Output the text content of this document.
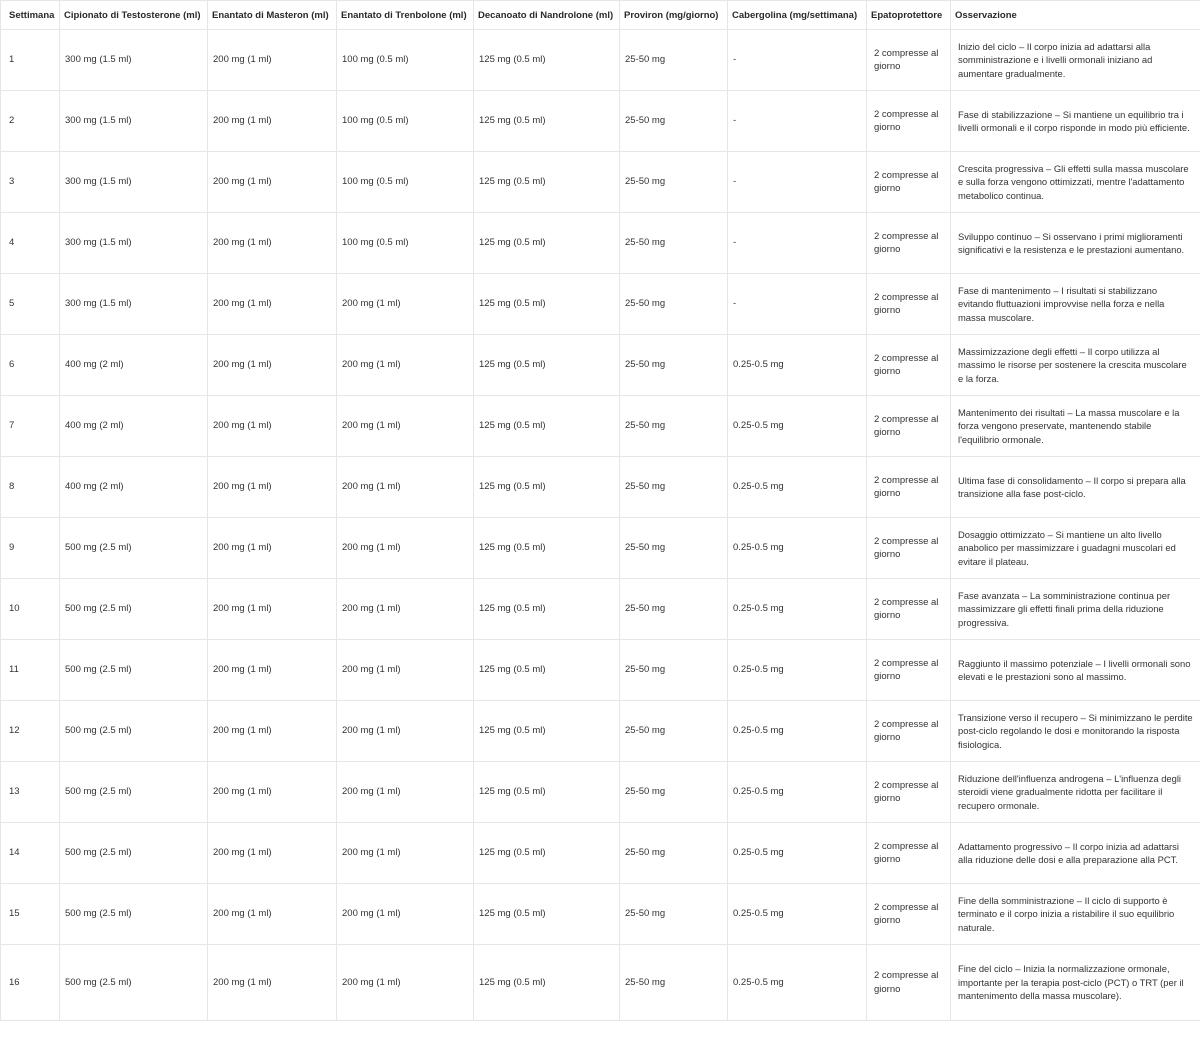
Settimana	Cipionato di Testosterone (ml)	Enantato di Masteron (ml)	Enantato di Trenbolone (ml)	Decanoato di Nandrolone (ml)	Proviron (mg/giorno)	Cabergolina (mg/settimana)	Epatoprotettore	Osservazione
1	300 mg (1.5 ml)	200 mg (1 ml)	100 mg (0.5 ml)	125 mg (0.5 ml)	25-50 mg	-	2 compresse al giorno	Inizio del ciclo – Il corpo inizia ad adattarsi alla somministrazione e i livelli ormonali iniziano ad aumentare gradualmente.
2	300 mg (1.5 ml)	200 mg (1 ml)	100 mg (0.5 ml)	125 mg (0.5 ml)	25-50 mg	-	2 compresse al giorno	Fase di stabilizzazione – Si mantiene un equilibrio tra i livelli ormonali e il corpo risponde in modo più efficiente.
3	300 mg (1.5 ml)	200 mg (1 ml)	100 mg (0.5 ml)	125 mg (0.5 ml)	25-50 mg	-	2 compresse al giorno	Crescita progressiva – Gli effetti sulla massa muscolare e sulla forza vengono ottimizzati, mentre l'adattamento metabolico continua.
4	300 mg (1.5 ml)	200 mg (1 ml)	100 mg (0.5 ml)	125 mg (0.5 ml)	25-50 mg	-	2 compresse al giorno	Sviluppo continuo – Si osservano i primi miglioramenti significativi e la resistenza e le prestazioni aumentano.
5	300 mg (1.5 ml)	200 mg (1 ml)	200 mg (1 ml)	125 mg (0.5 ml)	25-50 mg	-	2 compresse al giorno	Fase di mantenimento – I risultati si stabilizzano evitando fluttuazioni improvvise nella forza e nella massa muscolare.
6	400 mg (2 ml)	200 mg (1 ml)	200 mg (1 ml)	125 mg (0.5 ml)	25-50 mg	0.25-0.5 mg	2 compresse al giorno	Massimizzazione degli effetti – Il corpo utilizza al massimo le risorse per sostenere la crescita muscolare e la forza.
7	400 mg (2 ml)	200 mg (1 ml)	200 mg (1 ml)	125 mg (0.5 ml)	25-50 mg	0.25-0.5 mg	2 compresse al giorno	Mantenimento dei risultati – La massa muscolare e la forza vengono preservate, mantenendo stabile l'equilibrio ormonale.
8	400 mg (2 ml)	200 mg (1 ml)	200 mg (1 ml)	125 mg (0.5 ml)	25-50 mg	0.25-0.5 mg	2 compresse al giorno	Ultima fase di consolidamento – Il corpo si prepara alla transizione alla fase post-ciclo.
9	500 mg (2.5 ml)	200 mg (1 ml)	200 mg (1 ml)	125 mg (0.5 ml)	25-50 mg	0.25-0.5 mg	2 compresse al giorno	Dosaggio ottimizzato – Si mantiene un alto livello anabolico per massimizzare i guadagni muscolari ed evitare il plateau.
10	500 mg (2.5 ml)	200 mg (1 ml)	200 mg (1 ml)	125 mg (0.5 ml)	25-50 mg	0.25-0.5 mg	2 compresse al giorno	Fase avanzata – La somministrazione continua per massimizzare gli effetti finali prima della riduzione progressiva.
11	500 mg (2.5 ml)	200 mg (1 ml)	200 mg (1 ml)	125 mg (0.5 ml)	25-50 mg	0.25-0.5 mg	2 compresse al giorno	Raggiunto il massimo potenziale – I livelli ormonali sono elevati e le prestazioni sono al massimo.
12	500 mg (2.5 ml)	200 mg (1 ml)	200 mg (1 ml)	125 mg (0.5 ml)	25-50 mg	0.25-0.5 mg	2 compresse al giorno	Transizione verso il recupero – Si minimizzano le perdite post-ciclo regolando le dosi e monitorando la risposta fisiologica.
13	500 mg (2.5 ml)	200 mg (1 ml)	200 mg (1 ml)	125 mg (0.5 ml)	25-50 mg	0.25-0.5 mg	2 compresse al giorno	Riduzione dell'influenza androgena – L'influenza degli steroidi viene gradualmente ridotta per facilitare il recupero ormonale.
14	500 mg (2.5 ml)	200 mg (1 ml)	200 mg (1 ml)	125 mg (0.5 ml)	25-50 mg	0.25-0.5 mg	2 compresse al giorno	Adattamento progressivo – Il corpo inizia ad adattarsi alla riduzione delle dosi e alla preparazione alla PCT.
15	500 mg (2.5 ml)	200 mg (1 ml)	200 mg (1 ml)	125 mg (0.5 ml)	25-50 mg	0.25-0.5 mg	2 compresse al giorno	Fine della somministrazione – Il ciclo di supporto è terminato e il corpo inizia a ristabilire il suo equilibrio naturale.
16	500 mg (2.5 ml)	200 mg (1 ml)	200 mg (1 ml)	125 mg (0.5 ml)	25-50 mg	0.25-0.5 mg	2 compresse al giorno	Fine del ciclo – Inizia la normalizzazione ormonale, importante per la terapia post-ciclo (PCT) o TRT (per il mantenimento della massa muscolare).
